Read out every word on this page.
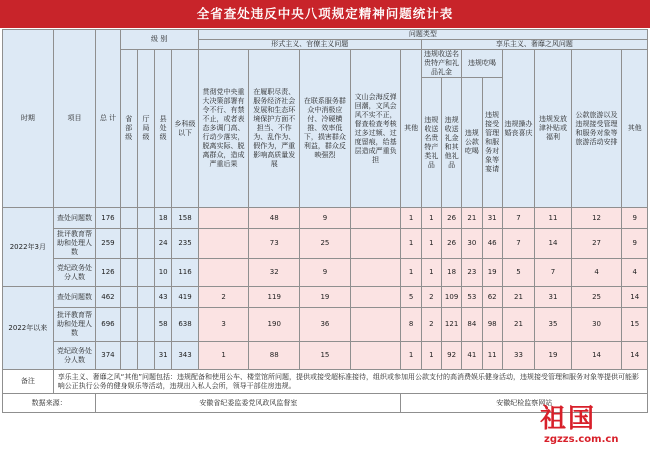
全省查处违反中央八项规定精神问题统计表
时期	项目	总 计	级 别				问题类型												
							形式主义、官僚主义问题					享乐主义、奢靡之风问题							
			省部级	厅局级	县处级	乡科级以下	贯彻党中央重大决策部署有令不行、有禁不止，或者表态多调门高、行动少落实，脱离实际、脱离群众，造成严重后果	在履职尽责、服务经济社会发展和生态环境保护方面不担当、不作为、乱作为、假作为，严重影响高质量发展	在联系服务群众中消极应付、冷硬横推、效率低下，损害群众利益，群众反映强烈	文山会海反弹回潮，文风会风不实不正，督查检查考核过多过频、过度留痕，给基层造成严重负担	其他	违规收送名贵特产和礼品礼金		违规吃喝		违规操办婚丧喜庆	违规发放津补贴或福利	公款旅游以及违规接受管理和服务对象等旅游活动安排	其他
												违规收送名贵特产类礼品	违规收送礼金和其他礼品	违规公款吃喝	违规接受管理和服务对象等宴请				
2022年3月	查处问题数	176			18	158		48	9		1	1	26	21	31	7	11	12	9
	批评教育帮助和处理人数	259			24	235		73	25		1	1	26	30	46	7	14	27	9
	党纪政务处分人数	126			10	116		32	9		1	1	18	23	19	5	7	4	4
2022年以来	查处问题数	462			43	419	2	119	19		5	2	109	53	62	21	31	25	14
	批评教育帮助和处理人数	696			58	638	3	190	36		8	2	121	84	98	21	35	30	15
	党纪政务处分人数	374			31	343	1	88	15		1	1	92	41	11	33	19	14	14
备注	享乐主义、奢靡之风“其他”问题包括：违规配备和使用公车、楼堂馆所问题，提供或接受超标准接待，组织或参加用公款支付的高消费娱乐健身活动，违规接受管理和服务对象等提供可能影响公正执行公务的健身娱乐等活动，违规出入私人会所，领导干部住房违规。																		
数据来源：		安徽省纪委监委党风政风监督室									安徽纪检监察网站								
祖国
zgzzs.com.cn
